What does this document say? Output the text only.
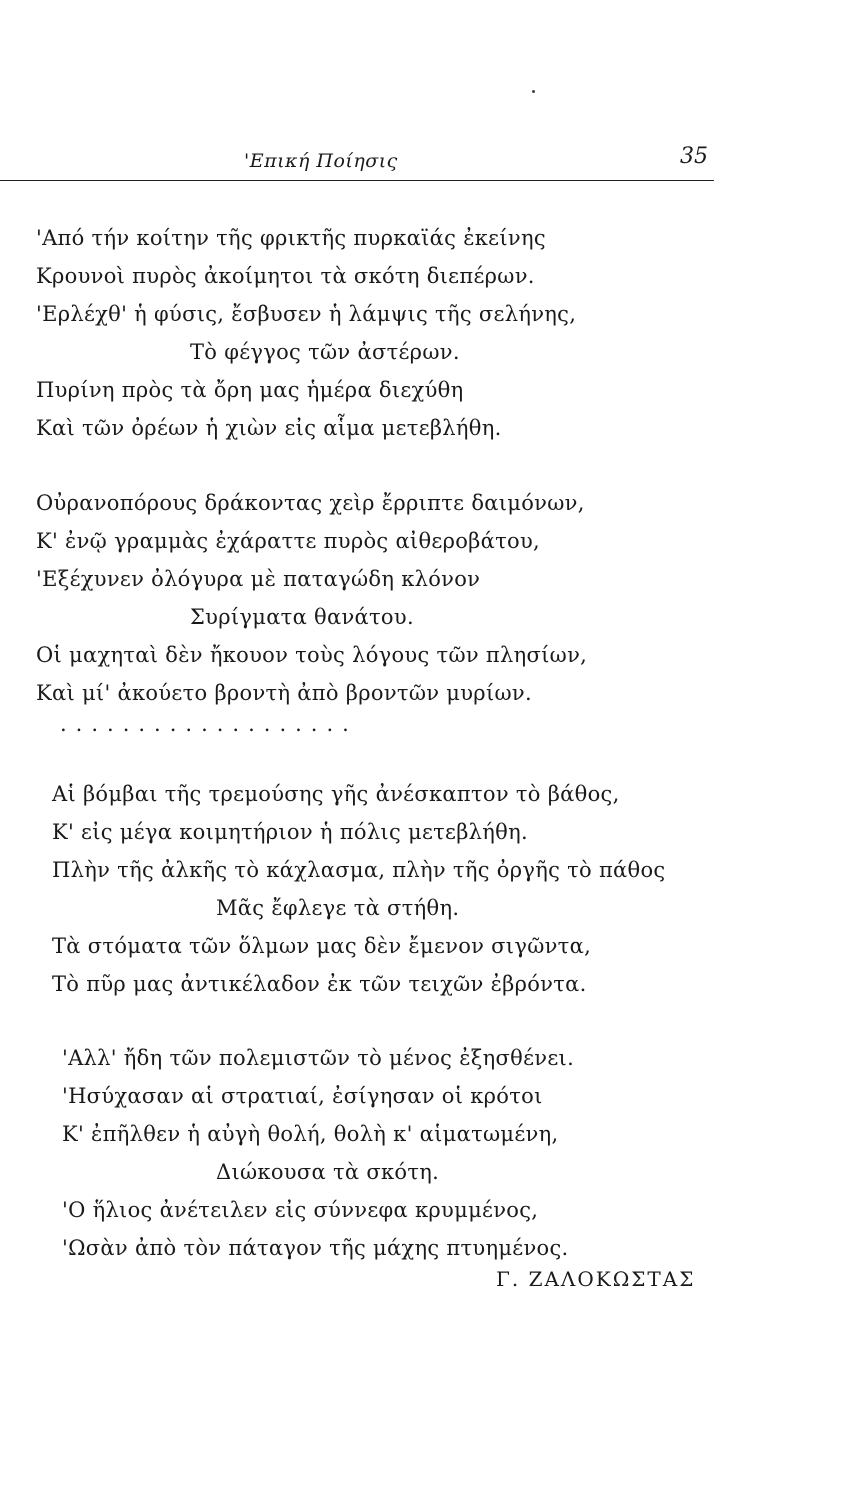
'Επική Ποίησις	35
'Από τήν κοίτην τῆς φρικτῆς πυρκαϊάς ἐκείνης
Κρουνοὶ πυρὸς ἀκοίμητοι τὰ σκότη διεπέρων.
'Ερλέχθ' ἡ φύσις, ἔσβυσεν ἡ λάμψις τῆς σελήνης,
Τὸ φέγγος τῶν ἀστέρων.
Πυρίνη πρὸς τὰ ὄρη μας ἡμέρα διεχύθη
Καὶ τῶν ὀρέων ἡ χιὼν εἰς αἷμα μετεβλήθη.
Οὐρανοπόρους δράκοντας χεὶρ ἔρριπτε δαιμόνων,
Κ' ἐνῷ γραμμὰς ἐχάραττε πυρὸς αἰθεροβάτου,
'Εξέχυνεν ὀλόγυρα μὲ παταγώδη κλόνον
Συρίγματα θανάτου.
Οἱ μαχηταὶ δὲν ἤκουον τοὺς λόγους τῶν πλησίων,
Καὶ μί' ἀκούετο βροντὴ ἀπὸ βροντῶν μυρίων.
...................
Αἱ βόμβαι τῆς τρεμούσης γῆς ἀνέσκαπτον τὸ βάθος,
Κ' εἰς μέγα κοιμητήριον ἡ πόλις μετεβλήθη.
Πλὴν τῆς ἀλκῆς τὸ κάχλασμα, πλὴν τῆς ὀργῆς τὸ πάθος
Μᾶς ἔφλεγε τὰ στήθη.
Τὰ στόματα τῶν ὅλμων μας δὲν ἔμενον σιγῶντα,
Τὸ πῦρ μας ἀντικέλαδον ἐκ τῶν τειχῶν ἐβρόντα.
'Αλλ' ἤδη τῶν πολεμιστῶν τὸ μένος ἐξησθένει.
'Ησύχασαν αἱ στρατιαί, ἐσίγησαν οἱ κρότοι
Κ' ἐπῆλθεν ἡ αὐγὴ θολή, θολὴ κ' αἱματωμένη,
Διώκουσα τὰ σκότη.
'Ο ἥλιος ἀνέτειλεν εἰς σύννεφα κρυμμένος,
'Ωσὰν ἀπὸ τὸν πάταγον τῆς μάχης πτυημένος.
Γ. ΖΑΛΟΚΩΣΤΑΣ
